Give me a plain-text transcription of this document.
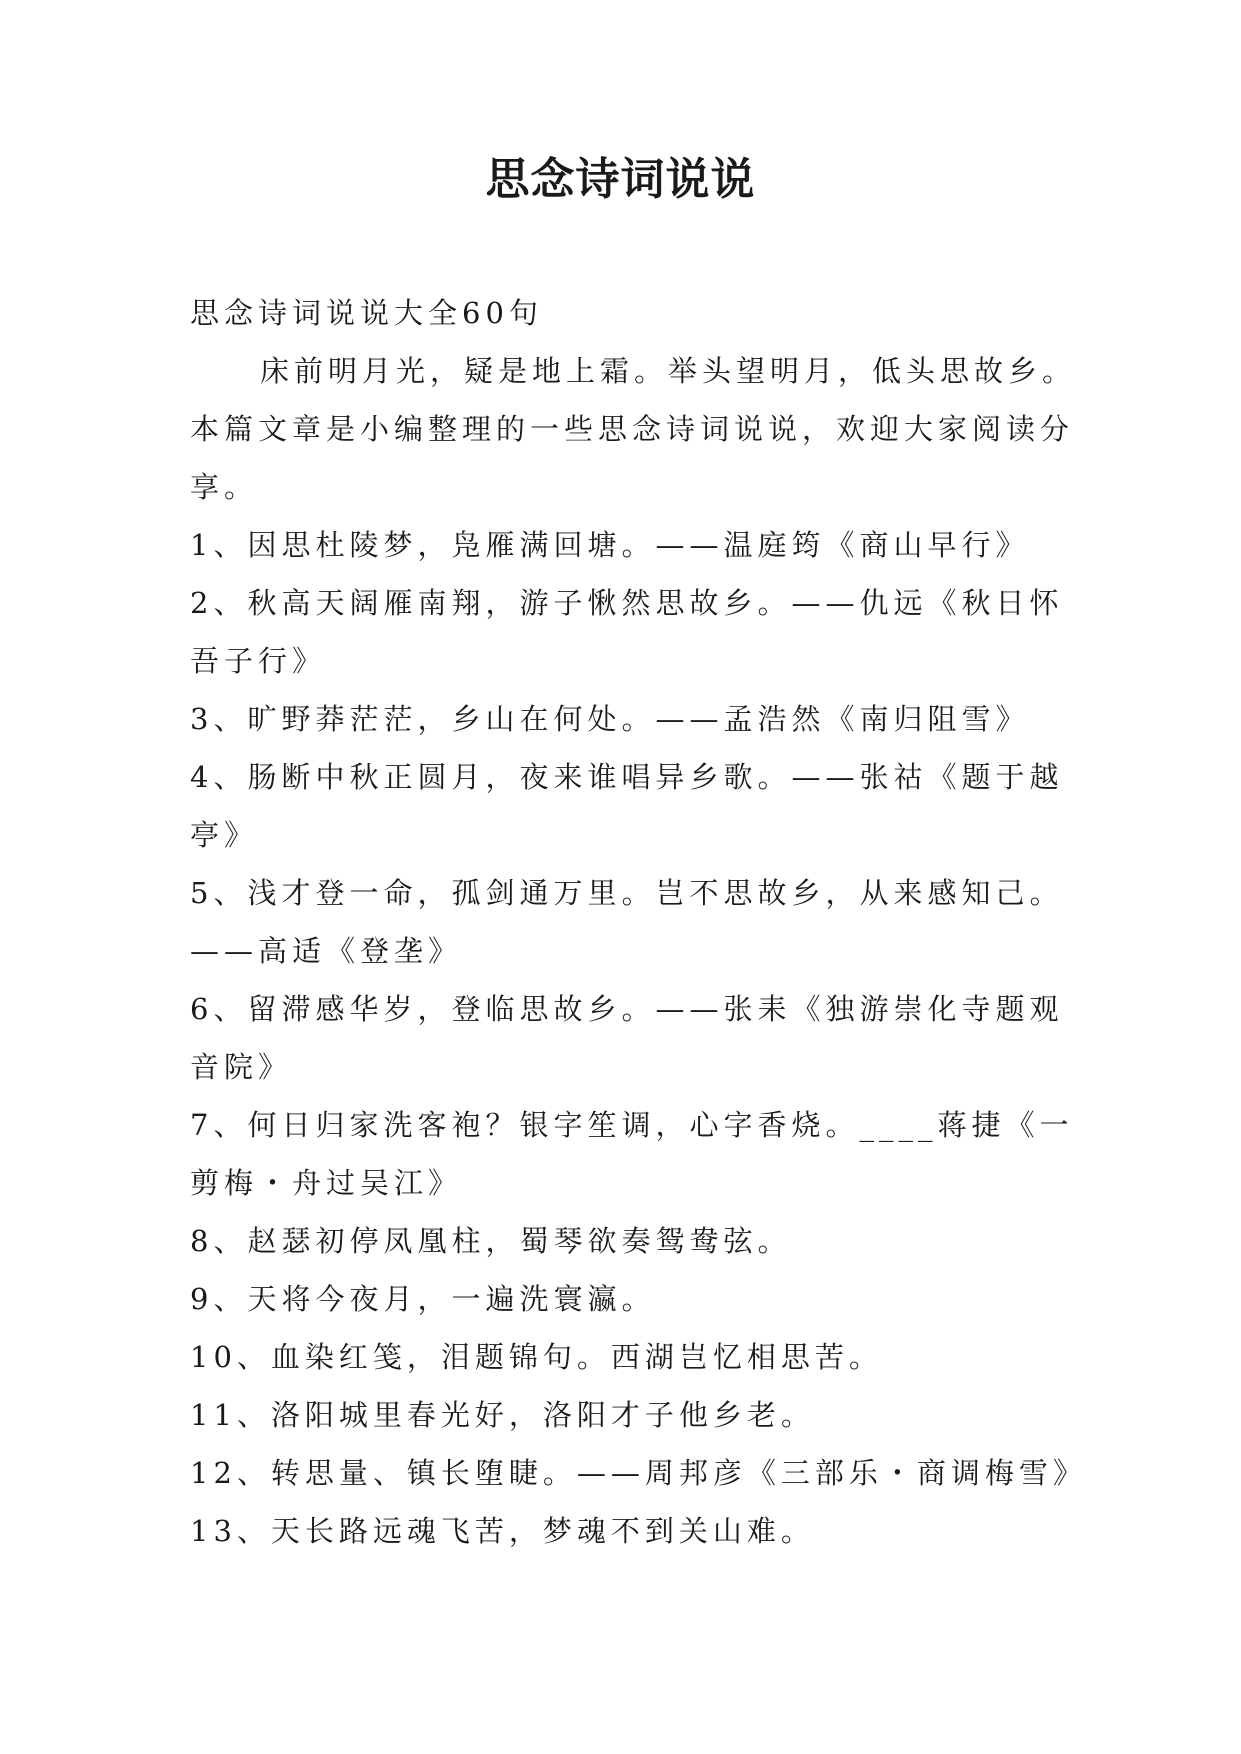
思念诗词说说

思念诗词说说大全60句

床前明月光，疑是地上霜。举头望明月，低头思故乡。本篇文章是小编整理的一些思念诗词说说，欢迎大家阅读分享。

1、因思杜陵梦，凫雁满回塘。——温庭筠《商山早行》

2、秋高天阔雁南翔，游子愀然思故乡。——仇远《秋日怀吾子行》

3、旷野莽茫茫，乡山在何处。——孟浩然《南归阻雪》

4、肠断中秋正圆月，夜来谁唱异乡歌。——张祜《题于越亭》

5、浅才登一命，孤剑通万里。岂不思故乡，从来感知己。——高适《登垄》

6、留滞感华岁，登临思故乡。——张耒《独游崇化寺题观音院》

7、何日归家洗客袍？银字笙调，心字香烧。____蒋捷《一剪梅・舟过吴江》

8、赵瑟初停凤凰柱，蜀琴欲奏鸳鸯弦。

9、天将今夜月，一遍洗寰瀛。

10、血染红笺，泪题锦句。西湖岂忆相思苦。

11、洛阳城里春光好，洛阳才子他乡老。

12、转思量、镇长堕睫。——周邦彦《三部乐・商调梅雪》

13、天长路远魂飞苦，梦魂不到关山难。
